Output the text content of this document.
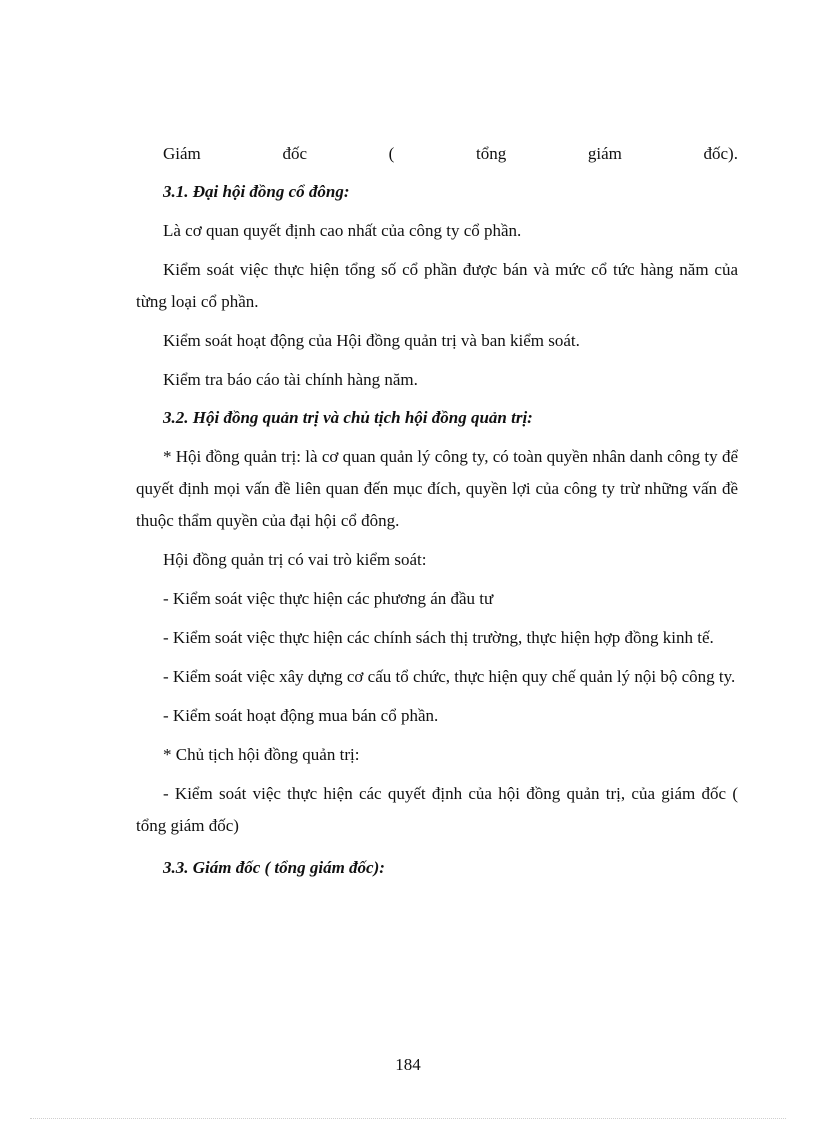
Giám	đốc	(	tổng	giám	đốc).
3.1. Đại hội đồng cổ đông:

Là cơ quan quyết định cao nhất của công ty cổ phần.

Kiểm soát việc thực hiện tổng số cổ phần được bán và mức cổ tức hàng năm của từng loại cổ phần.

Kiểm soát hoạt động của Hội đồng quản trị và ban kiểm soát.

Kiểm tra báo cáo tài chính hàng năm.

3.2. Hội đồng quản trị và chủ tịch hội đồng quản trị:

* Hội đồng quản trị: là cơ quan quản lý công ty, có toàn quyền nhân danh công ty để quyết định mọi vấn đề liên quan đến mục đích, quyền lợi của công ty trừ những vấn đề thuộc thẩm quyền của đại hội cổ đông.

Hội đồng quản trị có vai trò kiểm soát:

- Kiểm soát việc thực hiện các phương án đầu tư

- Kiểm soát việc thực hiện các chính sách thị trường, thực hiện hợp đồng kinh tế.

- Kiểm soát việc xây dựng cơ cấu tổ chức, thực hiện quy chế quản lý nội bộ công ty.

- Kiểm soát hoạt động mua bán cổ phần.

* Chủ tịch hội đồng quản trị:

- Kiểm soát việc thực hiện các quyết định của hội đồng quản trị, của giám đốc ( tổng giám đốc)

3.3. Giám đốc ( tổng giám đốc):
184
